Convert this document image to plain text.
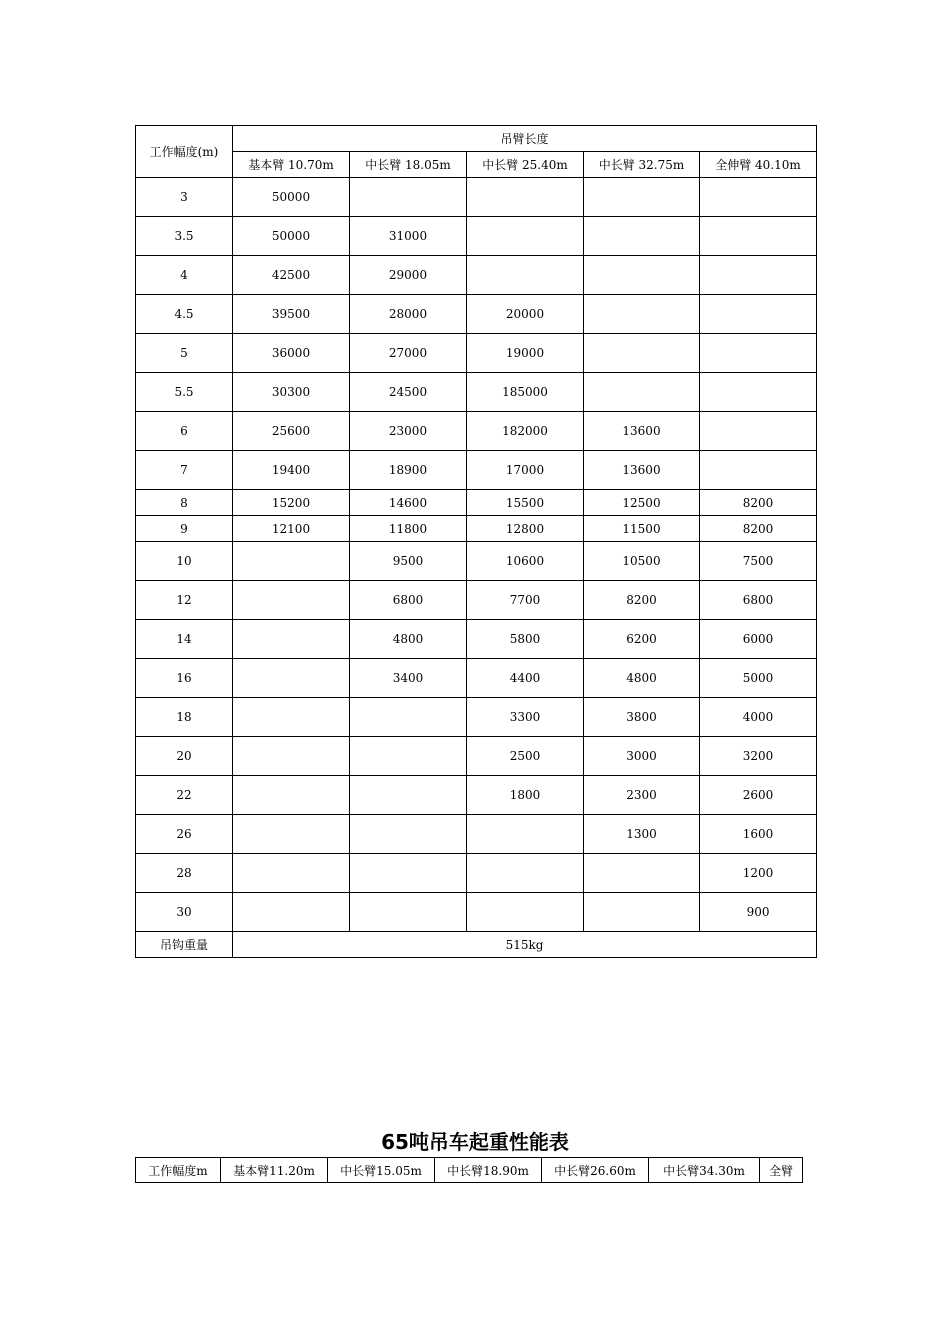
工作幅度(m)	吊臂长度				
	基本臂 10.70m	中长臂 18.05m	中长臂 25.40m	中长臂 32.75m	全伸臂 40.10m
3	50000				
3.5	50000	31000			
4	42500	29000			
4.5	39500	28000	20000		
5	36000	27000	19000		
5.5	30300	24500	185000		
6	25600	23000	182000	13600	
7	19400	18900	17000	13600	
8	15200	14600	15500	12500	8200
9	12100	11800	12800	11500	8200
10		9500	10600	10500	7500
12		6800	7700	8200	6800
14		4800	5800	6200	6000
16		3400	4400	4800	5000
18			3300	3800	4000
20			2500	3000	3200
22			1800	2300	2600
26				1300	1600
28					1200
30					900
吊钩重量	515kg				
65吨吊车起重性能表
工作幅度m	基本臂11.20m	中长臂15.05m	中长臂18.90m	中长臂26.60m	中长臂34.30m	全臂
